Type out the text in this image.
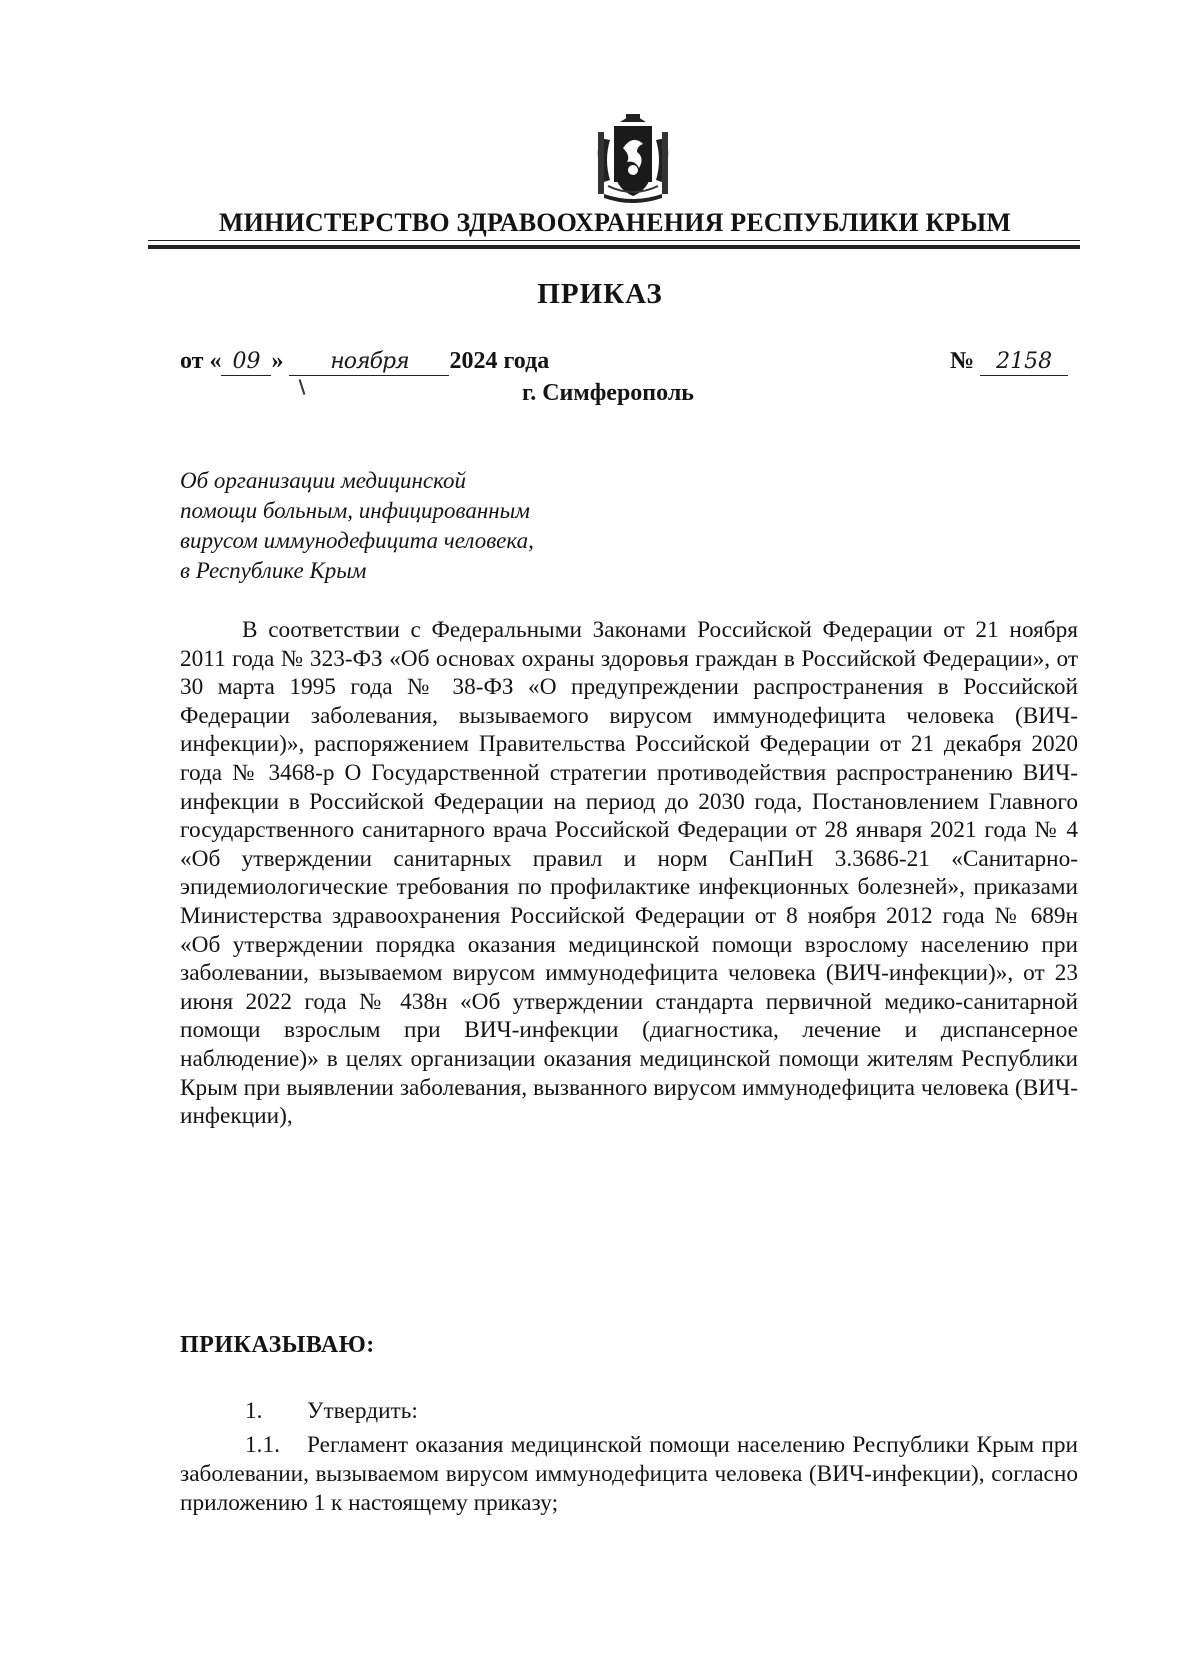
МИНИСТЕРСТВО ЗДРАВООХРАНЕНИЯ РЕСПУБЛИКИ КРЫМ
ПРИКАЗ
от « 09 » ноября 2024 года	№ 2158
г. Симферополь
Об организации медицинской
помощи больным, инфицированным
вирусом иммунодефицита человека,
в Республике Крым
В соответствии с Федеральными Законами Российской Федерации от 21 ноября 2011 года № 323-ФЗ «Об основах охраны здоровья граждан в Российской Федерации», от 30 марта 1995 года № 38-ФЗ «О предупреждении распространения в Российской Федерации заболевания, вызываемого вирусом иммунодефицита человека (ВИЧ-инфекции)», распоряжением Правительства Российской Федерации от 21 декабря 2020 года № 3468-р О Государственной стратегии противодействия распространению ВИЧ-инфекции в Российской Федерации на период до 2030 года, Постановлением Главного государственного санитарного врача Российской Федерации от 28 января 2021 года № 4 «Об утверждении санитарных правил и норм СанПиН 3.3686-21 «Санитарно-эпидемиологические требования по профилактике инфекционных болезней», приказами Министерства здравоохранения Российской Федерации от 8 ноября 2012 года № 689н «Об утверждении порядка оказания медицинской помощи взрослому населению при заболевании, вызываемом вирусом иммунодефицита человека (ВИЧ-инфекции)», от 23 июня 2022 года № 438н «Об утверждении стандарта первичной медико-санитарной помощи взрослым при ВИЧ-инфекции (диагностика, лечение и диспансерное наблюдение)» в целях организации оказания медицинской помощи жителям Республики Крым при выявлении заболевания, вызванного вирусом иммунодефицита человека (ВИЧ-инфекции),
ПРИКАЗЫВАЮ:
1. Утвердить:
1.1. Регламент оказания медицинской помощи населению Республики Крым при заболевании, вызываемом вирусом иммунодефицита человека (ВИЧ-инфекции), согласно приложению 1 к настоящему приказу;
